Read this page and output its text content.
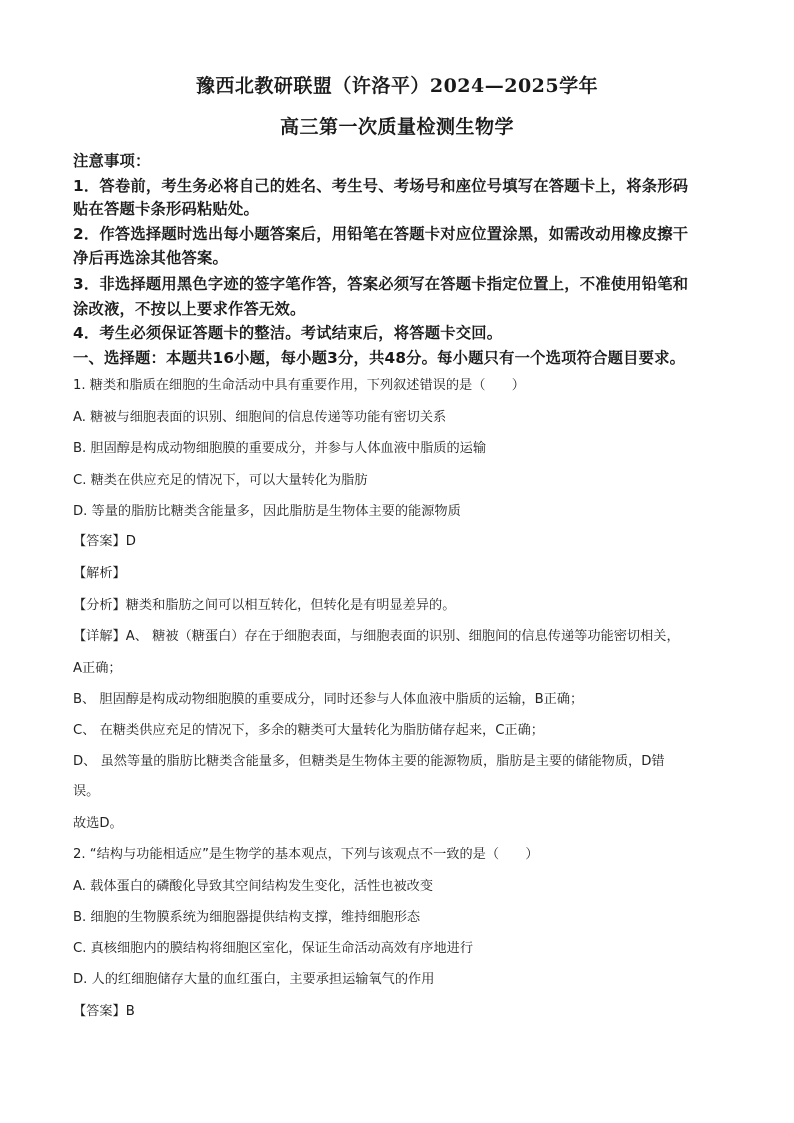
豫西北教研联盟（许洛平）2024—2025学年
高三第一次质量检测生物学
注意事项：
1．答卷前，考生务必将自己的姓名、考生号、考场号和座位号填写在答题卡上，将条形码
贴在答题卡条形码粘贴处。
2．作答选择题时选出每小题答案后，用铅笔在答题卡对应位置涂黑，如需改动用橡皮擦干
净后再选涂其他答案。
3．非选择题用黑色字迹的签字笔作答，答案必须写在答题卡指定位置上，不准使用铅笔和
涂改液，不按以上要求作答无效。
4．考生必须保证答题卡的整洁。考试结束后，将答题卡交回。
一、选择题：本题共16小题，每小题3分，共48分。每小题只有一个选项符合题目要求。
1. 糖类和脂质在细胞的生命活动中具有重要作用，下列叙述错误的是（　　）
A. 糖被与细胞表面的识别、细胞间的信息传递等功能有密切关系
B. 胆固醇是构成动物细胞膜的重要成分，并参与人体血液中脂质的运输
C. 糖类在供应充足的情况下，可以大量转化为脂肪
D. 等量的脂肪比糖类含能量多，因此脂肪是生物体主要的能源物质
【答案】D
【解析】
【分析】糖类和脂肪之间可以相互转化，但转化是有明显差异的。
【详解】A、 糖被（糖蛋白）存在于细胞表面，与细胞表面的识别、细胞间的信息传递等功能密切相关，
A正确；
B、 胆固醇是构成动物细胞膜的重要成分，同时还参与人体血液中脂质的运输，B正确；
C、 在糖类供应充足的情况下，多余的糖类可大量转化为脂肪储存起来，C正确；
D、 虽然等量的脂肪比糖类含能量多，但糖类是生物体主要的能源物质，脂肪是主要的储能物质，D错
误。
故选D。
2. “结构与功能相适应”是生物学的基本观点，下列与该观点不一致的是（　　）
A. 载体蛋白的磷酸化导致其空间结构发生变化，活性也被改变
B. 细胞的生物膜系统为细胞器提供结构支撑，维持细胞形态
C. 真核细胞内的膜结构将细胞区室化，保证生命活动高效有序地进行
D. 人的红细胞储存大量的血红蛋白，主要承担运输氧气的作用
【答案】B
